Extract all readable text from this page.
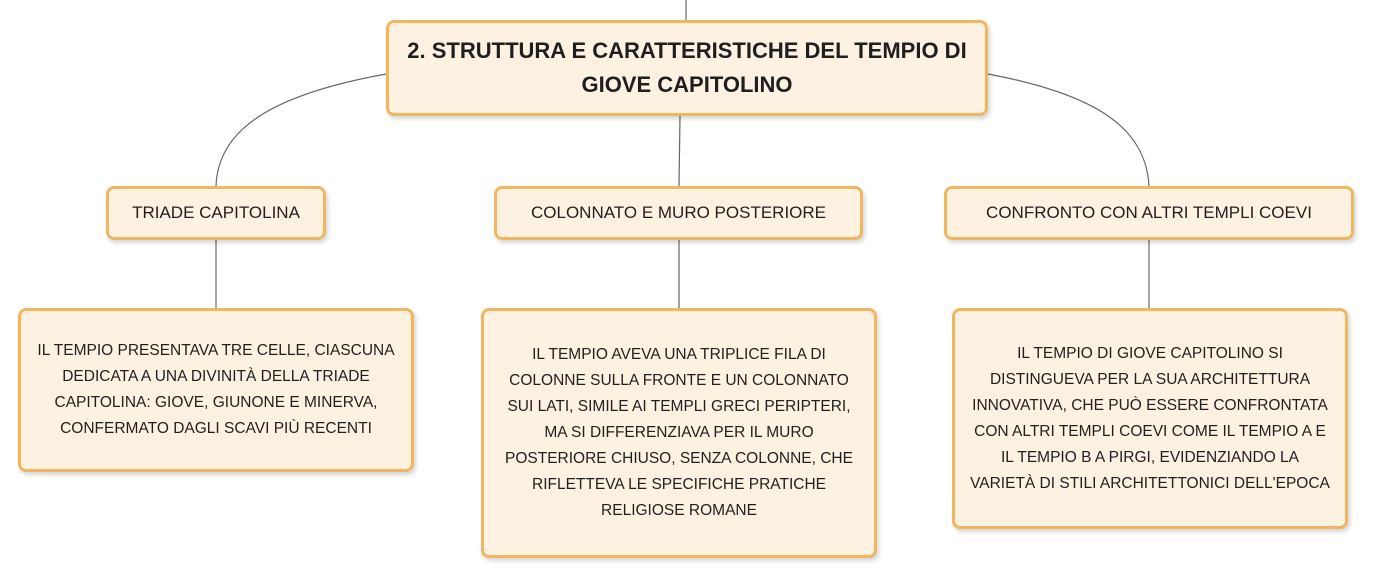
2. STRUTTURA E CARATTERISTICHE DEL TEMPIO DI GIOVE CAPITOLINO
TRIADE CAPITOLINA	COLONNATO E MURO POSTERIORE	CONFRONTO CON ALTRI TEMPLI COEVI
IL TEMPIO PRESENTAVA TRE CELLE, CIASCUNA DEDICATA A UNA DIVINITÀ DELLA TRIADE CAPITOLINA: GIOVE, GIUNONE E MINERVA, CONFERMATO DAGLI SCAVI PIÙ RECENTI
IL TEMPIO AVEVA UNA TRIPLICE FILA DI COLONNE SULLA FRONTE E UN COLONNATO SUI LATI, SIMILE AI TEMPLI GRECI PERIPTERI, MA SI DIFFERENZIAVA PER IL MURO POSTERIORE CHIUSO, SENZA COLONNE, CHE RIFLETTEVA LE SPECIFICHE PRATICHE RELIGIOSE ROMANE
IL TEMPIO DI GIOVE CAPITOLINO SI DISTINGUEVA PER LA SUA ARCHITETTURA INNOVATIVA, CHE PUÒ ESSERE CONFRONTATA CON ALTRI TEMPLI COEVI COME IL TEMPIO A E IL TEMPIO B A PIRGI, EVIDENZIANDO LA VARIETÀ DI STILI ARCHITETTONICI DELL'EPOCA
